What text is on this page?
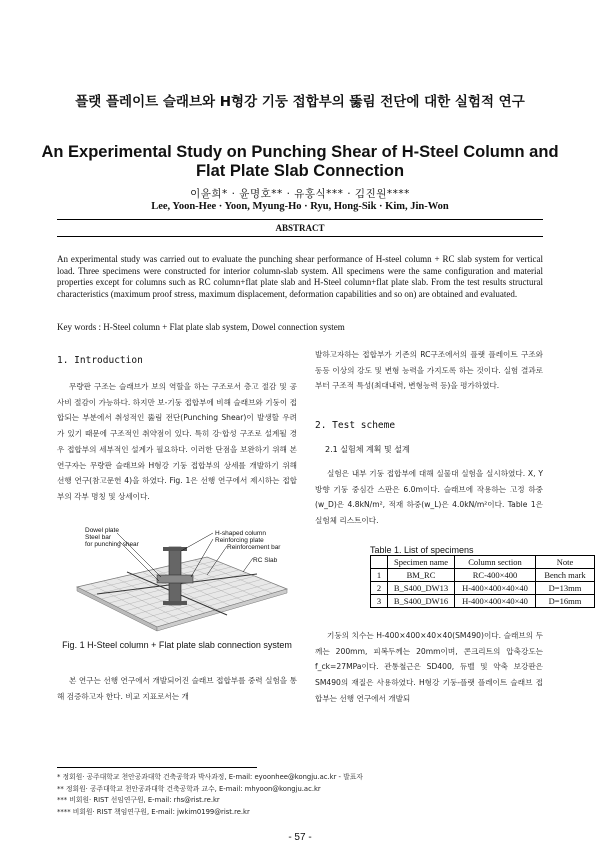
플랫 플레이트 슬래브와 H형강 기둥 접합부의 뚫림 전단에 대한 실험적 연구
An Experimental Study on Punching Shear of H-Steel Column and Flat Plate Slab Connection
이윤희* · 윤명호** · 유홍식*** · 김진원****
Lee, Yoon-Hee · Yoon, Myung-Ho · Ryu, Hong-Sik · Kim, Jin-Won
ABSTRACT
An experimental study was carried out to evaluate the punching shear performance of H-steel column + RC slab system for vertical load. Three specimens were constructed for interior column-slab system. All specimens were the same configuration and material properties except for columns such as RC column+flat plate slab and H-Steel column+flat plate slab. From the test results structural characteristics (maximum proof stress, maximum displacement, deformation capabilities and so on) are obtained and evaluated.
Key words : H-Steel column + Flat plate slab system, Dowel connection system
1. Introduction
무량판 구조는 슬래브가 보의 역할을 하는 구조로서 층고 절감 및 공사비 절감이 가능하다. 하지만 보-기둥 접합부에 비해 슬래브와 기둥이 접합되는 부분에서 취성적인 뚫림 전단(Punching Shear)이 발생할 우려가 있기 때문에 구조적인 취약점이 있다. 특히 강·합성 구조로 설계될 경우 접합부의 세부적인 설계가 필요하다. 이러한 단점을 보완하기 위해 본 연구자는 무량판 슬래브와 H형강 기둥 접합부의 상세를 개발하기 위해 선행 연구(참고문헌 4)을 하였다. Fig. 1은 선행 연구에서 제시하는 접합부의 각부 명칭 및 상세이다.
Dowel plate
Steel bar
for punching shear
H-shaped column
Reinforcing plate
Reinforcement bar
RC Slab
Fig. 1 H-Steel column + Flat plate slab connection system
본 연구는 선행 연구에서 개발되어진 슬래브 접합부를 중력 실험을 통해 검증하고자 한다. 비교 지표로서는 개
발하고자하는 접합부가 기존의 RC구조에서의 플랫 플레이트 구조와 동등 이상의 강도 및 변형 능력을 가지도록 하는 것이다. 실험 결과로부터 구조적 특성(최대내력, 변형능력 등)을 평가하였다.
2. Test scheme
2.1 실험체 계획 및 설계
실험은 내부 기둥 접합부에 대해 실물대 실험을 실시하였다. X, Y방향 기둥 중심간 스판은 6.0m이다. 슬래브에 작용하는 고정 하중(w_D)은 4.8kN/m², 적재 하중(w_L)은 4.0kN/m²이다. Table 1은 실험체 리스트이다.
Table 1. List of specimens
	Specimen name	Column section	Note
1	BM_RC	RC-400×400	Bench mark
2	B_S400_DW13	H-400×400×40×40	D=13mm
3	B_S400_DW16	H-400×400×40×40	D=16mm
기둥의 치수는 H-400×400×40×40(SM490)이다. 슬래브의 두께는 200mm, 피복두께는 20mm이며, 콘크리트의 압축강도는 f_ck=27MPa이다. 관통철근은 SD400, 듀벨 및 약축 보강판은 SM490의 재질은 사용하였다. H형강 기둥-플랫 플레이트 슬래브 접합부는 선행 연구에서 개발되
* 정회원· 공주대학교 천안공과대학 건축공학과 박사과정, E-mail: eyoonhee@kongju.ac.kr - 발표자
** 정회원· 공주대학교 천안공과대학 건축공학과 교수, E-mail: mhyoon@kongju.ac.kr
*** 비회원· RIST 선임연구원, E-mail: rhs@rist.re.kr
**** 비회원· RIST 책임연구원, E-mail: jwkim0199@rist.re.kr
- 57 -
